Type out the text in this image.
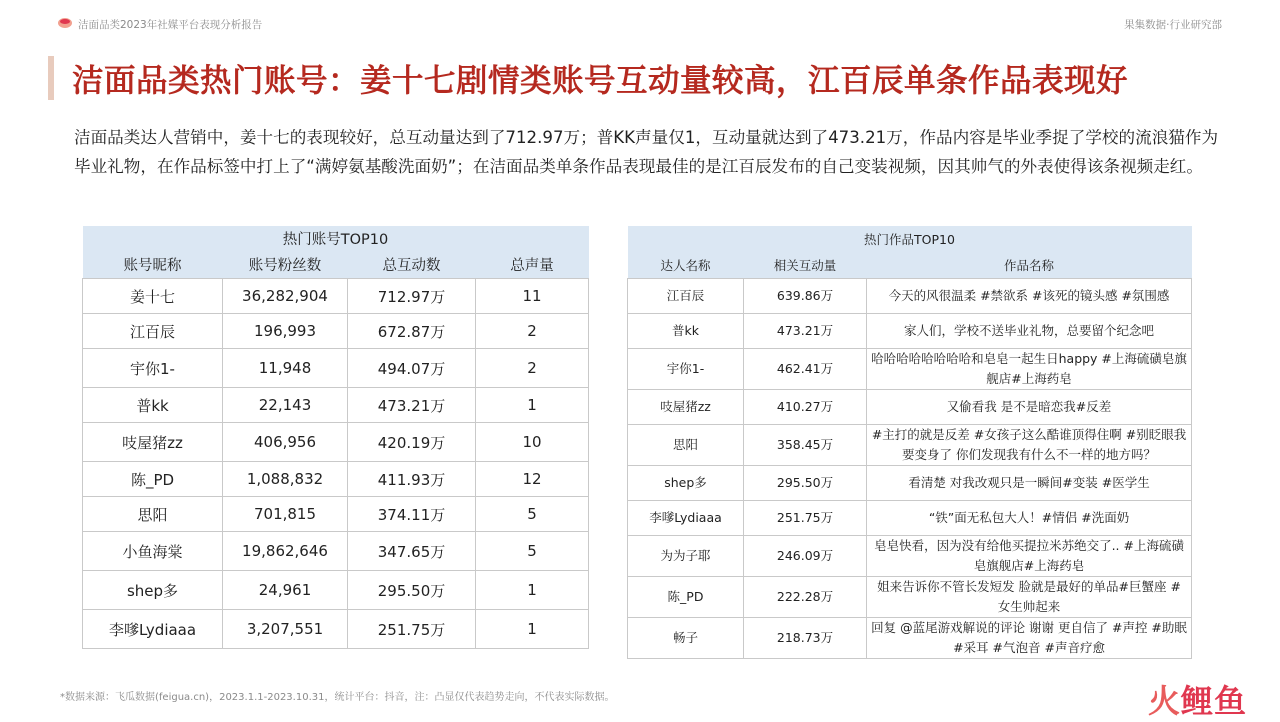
洁面品类2023年社媒平台表现分析报告	果集数据·行业研究部
洁面品类热门账号：姜十七剧情类账号互动量较高，江百辰单条作品表现好
洁面品类达人营销中，姜十七的表现较好，总互动量达到了712.97万；普KK声量仅1，互动量就达到了473.21万，作品内容是毕业季捉了学校的流浪猫作为毕业礼物，在作品标签中打上了“满婷氨基酸洗面奶”；在洁面品类单条作品表现最佳的是江百辰发布的自己变装视频，因其帅气的外表使得该条视频走红。
热门账号TOP10			
账号昵称	账号粉丝数	总互动数	总声量
姜十七	36,282,904	712.97万	11
江百辰	196,993	672.87万	2
宇你1-	11,948	494.07万	2
普kk	22,143	473.21万	1
吱屋猪zz	406,956	420.19万	10
陈_PD	1,088,832	411.93万	12
思阳	701,815	374.11万	5
小鱼海棠	19,862,646	347.65万	5
shep多	24,961	295.50万	1
李嗲Lydiaaa	3,207,551	251.75万	1
热门作品TOP10		
达人名称	相关互动量	作品名称
江百辰	639.86万	今天的风很温柔 #禁欲系 #该死的镜头感 #氛围感
普kk	473.21万	家人们，学校不送毕业礼物，总要留个纪念吧
宇你1-	462.41万	哈哈哈哈哈哈哈哈和皂皂一起生日happy #上海硫磺皂旗舰店#上海药皂
吱屋猪zz	410.27万	又偷看我 是不是暗恋我#反差
思阳	358.45万	#主打的就是反差 #女孩子这么酷谁顶得住啊 #别眨眼我要变身了 你们发现我有什么不一样的地方吗？
shep多	295.50万	看清楚 对我改观只是一瞬间#变装 #医学生
李嗲Lydiaaa	251.75万	“铁”面无私包大人！#情侣 #洗面奶
为为子耶	246.09万	皂皂快看，因为没有给他买提拉米苏绝交了.. #上海硫磺皂旗舰店#上海药皂
陈_PD	222.28万	姐来告诉你不管长发短发 脸就是最好的单品#巨蟹座 #女生帅起来
畅子	218.73万	回复 @蓝尾游戏解说的评论 谢谢 更自信了 #声控 #助眠 #采耳 #气泡音 #声音疗愈
*数据来源：飞瓜数据(feigua.cn)，2023.1.1-2023.10.31，统计平台：抖音，注：凸显仅代表趋势走向，不代表实际数据。	火鲤鱼
